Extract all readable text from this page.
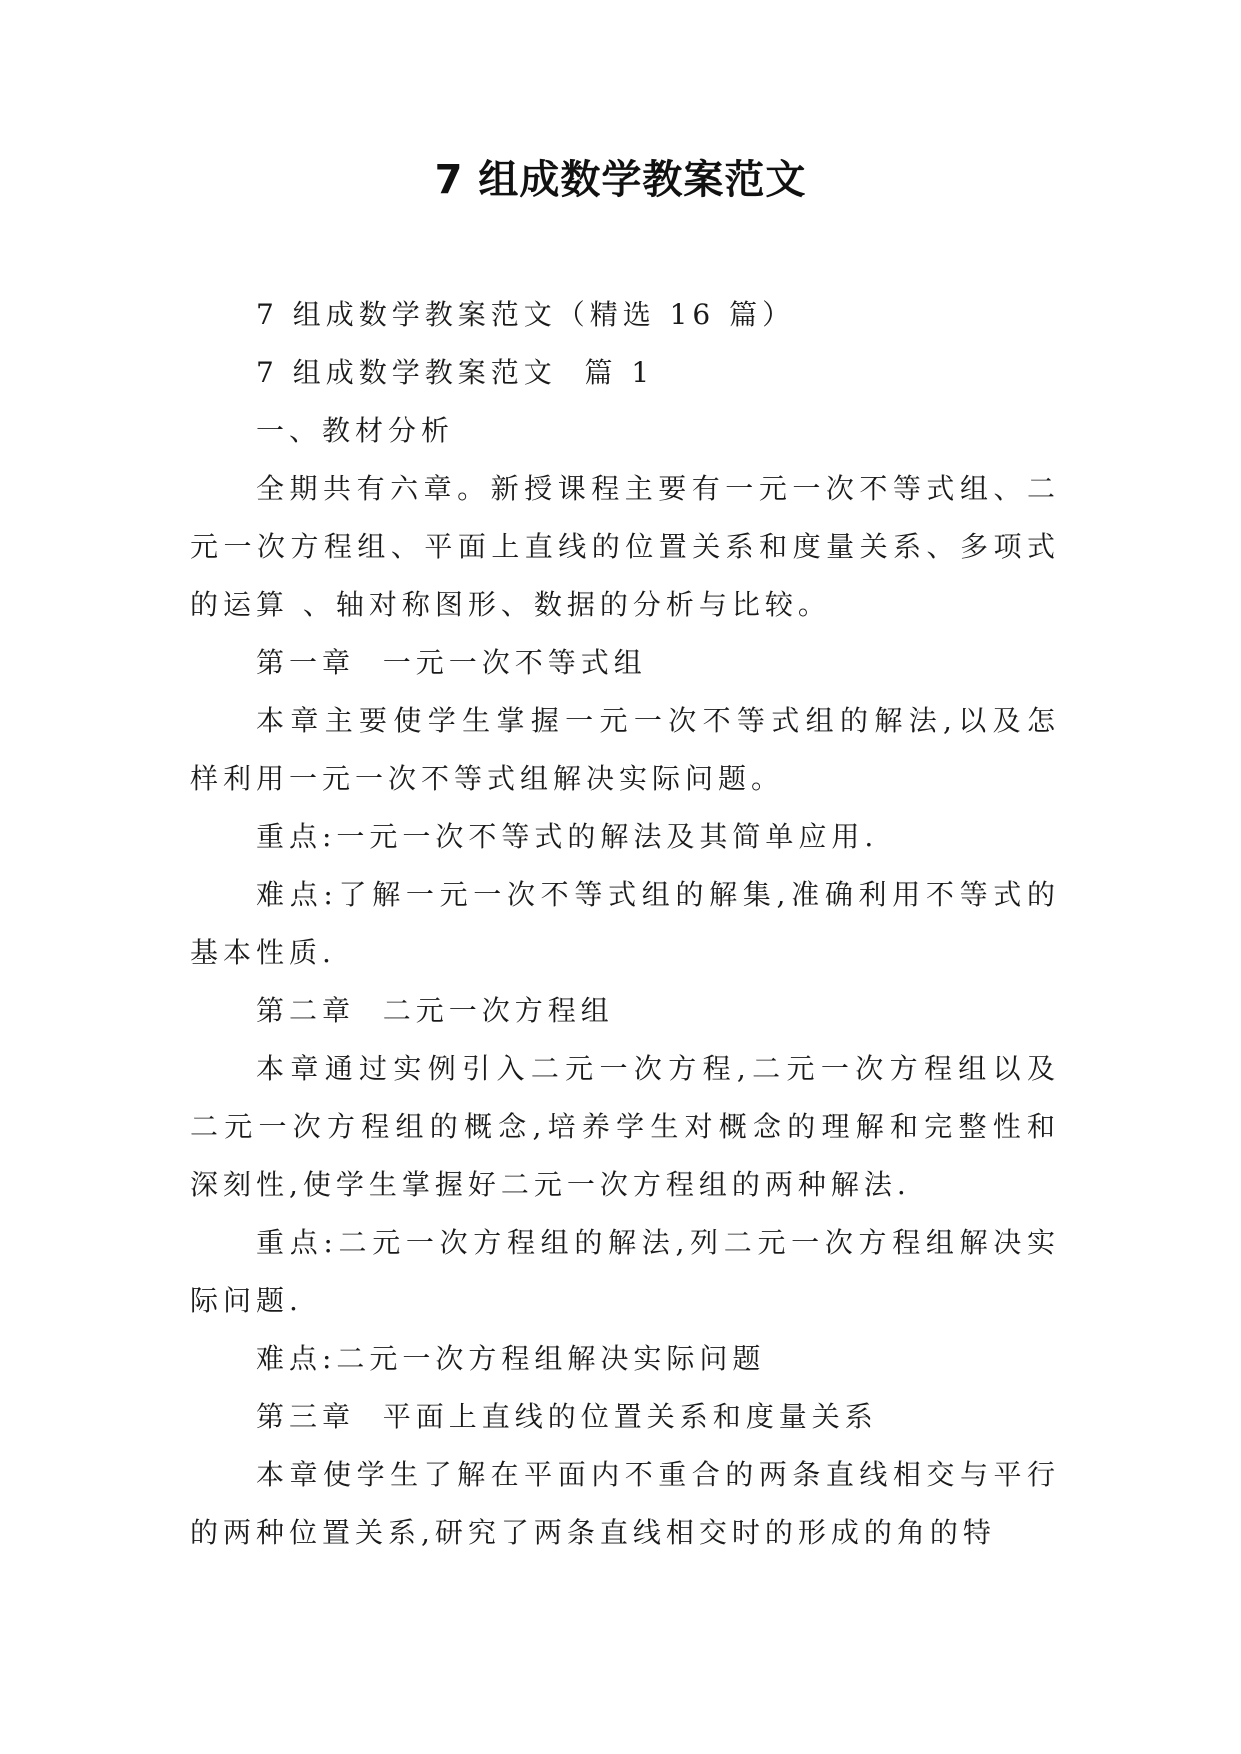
7 组成数学教案范文

7 组成数学教案范文（精选 16 篇）

7 组成数学教案范文  篇 1

一、教材分析

全期共有六章。新授课程主要有一元一次不等式组、二元一次方程组、平面上直线的位置关系和度量关系、多项式的运算 、轴对称图形、数据的分析与比较。

第一章  一元一次不等式组

本章主要使学生掌握一元一次不等式组的解法,以及怎样利用一元一次不等式组解决实际问题。

重点:一元一次不等式的解法及其简单应用.

难点:了解一元一次不等式组的解集,准确利用不等式的基本性质.

第二章  二元一次方程组

本章通过实例引入二元一次方程,二元一次方程组以及二元一次方程组的概念,培养学生对概念的理解和完整性和深刻性,使学生掌握好二元一次方程组的两种解法.

重点:二元一次方程组的解法,列二元一次方程组解决实际问题.

难点:二元一次方程组解决实际问题

第三章  平面上直线的位置关系和度量关系

本章使学生了解在平面内不重合的两条直线相交与平行的两种位置关系,研究了两条直线相交时的形成的角的特
